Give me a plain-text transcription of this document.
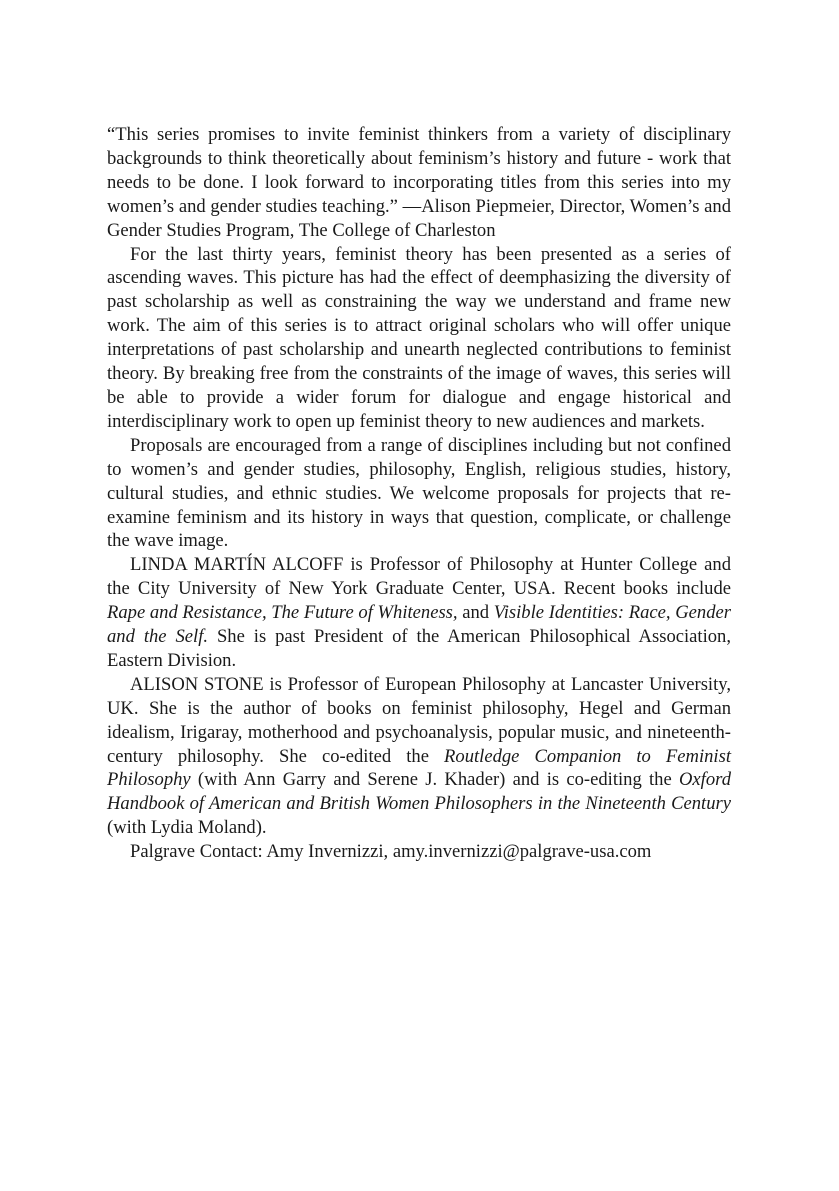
“This series promises to invite feminist thinkers from a variety of disciplinary backgrounds to think theoretically about feminism’s history and future - work that needs to be done. I look forward to incorporating titles from this series into my women’s and gender studies teaching.” —Alison Piepmeier, Director, Women’s and Gender Studies Program, The College of Charleston

For the last thirty years, feminist theory has been presented as a series of ascending waves. This picture has had the effect of deemphasizing the diversity of past scholarship as well as constraining the way we understand and frame new work. The aim of this series is to attract original scholars who will offer unique interpretations of past scholarship and unearth neglected contributions to feminist theory. By breaking free from the constraints of the image of waves, this series will be able to provide a wider forum for dialogue and engage historical and interdisciplinary work to open up feminist theory to new audiences and markets.

Proposals are encouraged from a range of disciplines including but not confined to women’s and gender studies, philosophy, English, religious studies, history, cultural studies, and ethnic studies. We welcome proposals for projects that re-examine feminism and its history in ways that question, complicate, or challenge the wave image.

LINDA MARTÍN ALCOFF is Professor of Philosophy at Hunter College and the City University of New York Graduate Center, USA. Recent books include Rape and Resistance, The Future of Whiteness, and Visible Identities: Race, Gender and the Self. She is past President of the American Philosophical Association, Eastern Division.

ALISON STONE is Professor of European Philosophy at Lancaster University, UK. She is the author of books on feminist philosophy, Hegel and German idealism, Irigaray, motherhood and psychoanalysis, popular music, and nineteenth-century philosophy. She co-edited the Routledge Companion to Feminist Philosophy (with Ann Garry and Serene J. Khader) and is co-editing the Oxford Handbook of American and British Women Philosophers in the Nineteenth Century (with Lydia Moland).

Palgrave Contact: Amy Invernizzi, amy.invernizzi@palgrave-usa.com
